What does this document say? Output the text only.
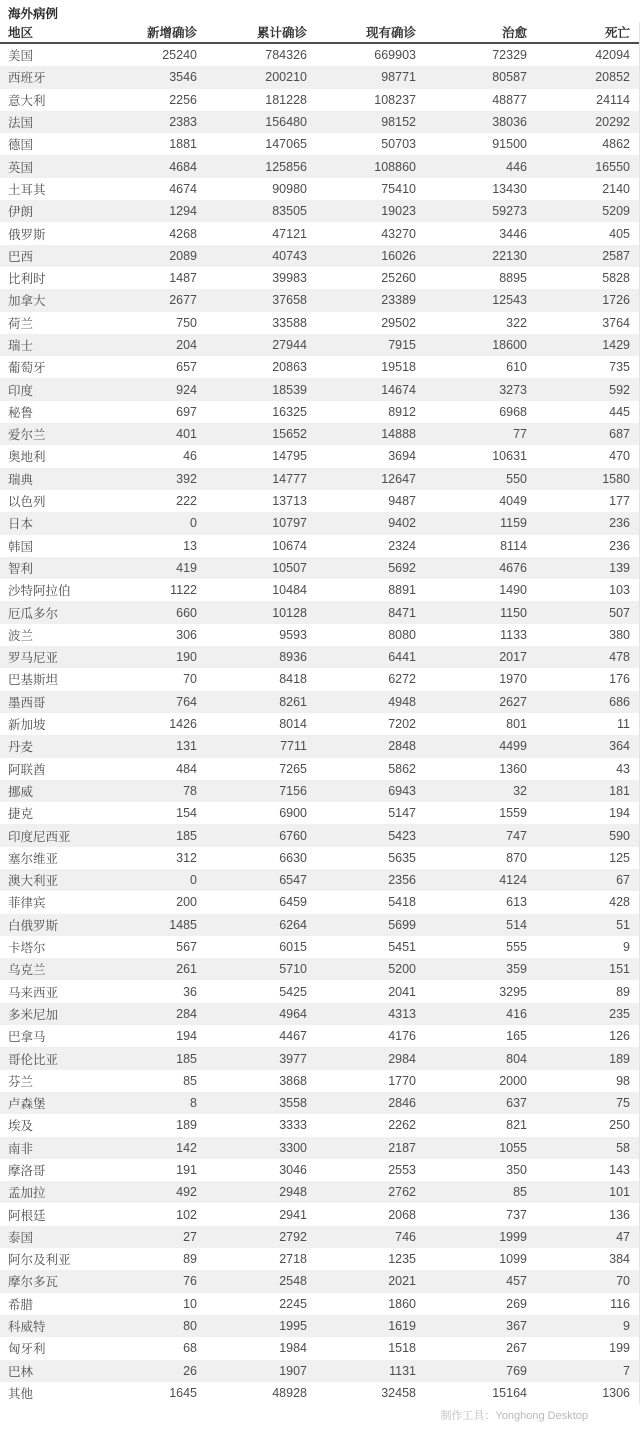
海外病例
地区	新增确诊	累计确诊	现有确诊	治愈	死亡
美国	25240	784326	669903	72329	42094
西班牙	3546	200210	98771	80587	20852
意大利	2256	181228	108237	48877	24114
法国	2383	156480	98152	38036	20292
德国	1881	147065	50703	91500	4862
英国	4684	125856	108860	446	16550
土耳其	4674	90980	75410	13430	2140
伊朗	1294	83505	19023	59273	5209
俄罗斯	4268	47121	43270	3446	405
巴西	2089	40743	16026	22130	2587
比利时	1487	39983	25260	8895	5828
加拿大	2677	37658	23389	12543	1726
荷兰	750	33588	29502	322	3764
瑞士	204	27944	7915	18600	1429
葡萄牙	657	20863	19518	610	735
印度	924	18539	14674	3273	592
秘鲁	697	16325	8912	6968	445
爱尔兰	401	15652	14888	77	687
奥地利	46	14795	3694	10631	470
瑞典	392	14777	12647	550	1580
以色列	222	13713	9487	4049	177
日本	0	10797	9402	1159	236
韩国	13	10674	2324	8114	236
智利	419	10507	5692	4676	139
沙特阿拉伯	1122	10484	8891	1490	103
厄瓜多尔	660	10128	8471	1150	507
波兰	306	9593	8080	1133	380
罗马尼亚	190	8936	6441	2017	478
巴基斯坦	70	8418	6272	1970	176
墨西哥	764	8261	4948	2627	686
新加坡	1426	8014	7202	801	11
丹麦	131	7711	2848	4499	364
阿联酋	484	7265	5862	1360	43
挪威	78	7156	6943	32	181
捷克	154	6900	5147	1559	194
印度尼西亚	185	6760	5423	747	590
塞尔维亚	312	6630	5635	870	125
澳大利亚	0	6547	2356	4124	67
菲律宾	200	6459	5418	613	428
白俄罗斯	1485	6264	5699	514	51
卡塔尔	567	6015	5451	555	9
乌克兰	261	5710	5200	359	151
马来西亚	36	5425	2041	3295	89
多米尼加	284	4964	4313	416	235
巴拿马	194	4467	4176	165	126
哥伦比亚	185	3977	2984	804	189
芬兰	85	3868	1770	2000	98
卢森堡	8	3558	2846	637	75
埃及	189	3333	2262	821	250
南非	142	3300	2187	1055	58
摩洛哥	191	3046	2553	350	143
孟加拉	492	2948	2762	85	101
阿根廷	102	2941	2068	737	136
泰国	27	2792	746	1999	47
阿尔及利亚	89	2718	1235	1099	384
摩尔多瓦	76	2548	2021	457	70
希腊	10	2245	1860	269	116
科威特	80	1995	1619	367	9
匈牙利	68	1984	1518	267	199
巴林	26	1907	1131	769	7
其他	1645	48928	32458	15164	1306
制作工具：Yonghong Desktop
